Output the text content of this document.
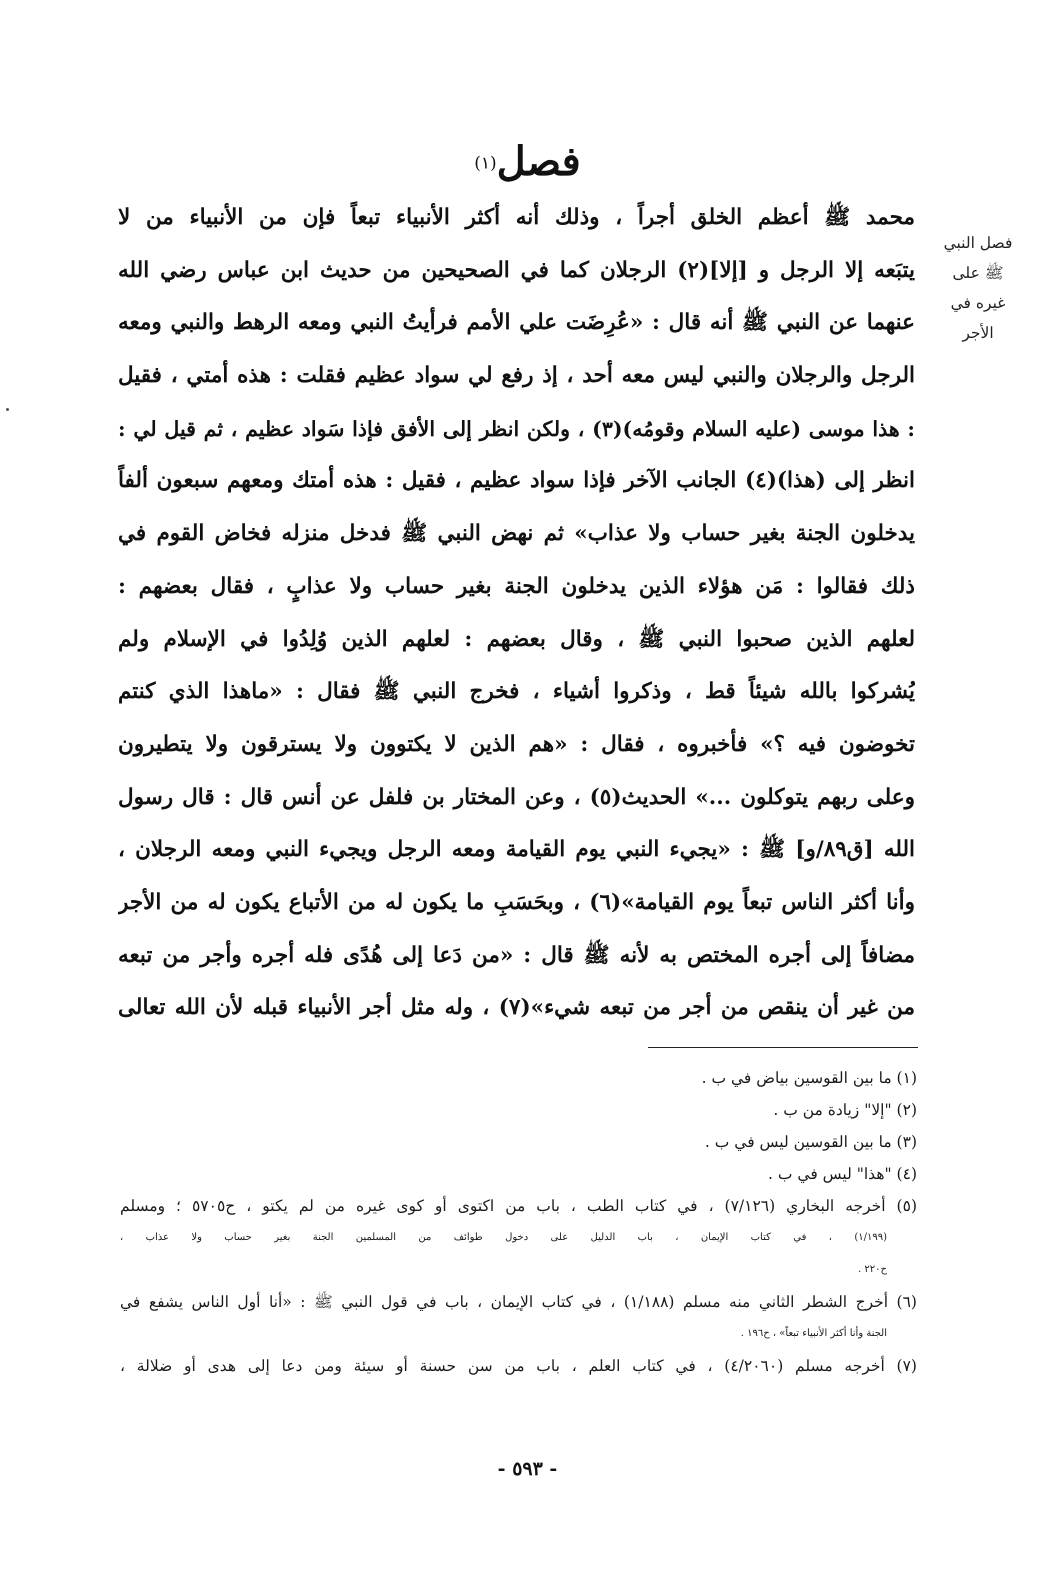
فصل(١)
فصل النبي
ﷺ على
غيره في
الأجر
محمد ﷺ أعظم الخلق أجراً ، وذلك أنه أكثر الأنبياء تبعاً فإن من الأنبياء من لا
يتبَعه إلا الرجل و [إلا](٢) الرجلان كما في الصحيحين من حديث ابن عباس رضي الله
عنهما عن النبي ﷺ أنه قال : «عُرِضَت علي الأمم فرأيتُ النبي ومعه الرهط والنبي ومعه
الرجل والرجلان والنبي ليس معه أحد ، إذ رفع لي سواد عظيم فقلت : هذه أمتي ، فقيل
: هذا موسى (عليه السلام وقومُه)(٣) ، ولكن انظر إلى الأفق فإذا سَواد عظيم ، ثم قيل لي :
انظر إلى (هذا)(٤) الجانب الآخر فإذا سواد عظيم ، فقيل : هذه أمتك ومعهم سبعون ألفاً
يدخلون الجنة بغير حساب ولا عذاب» ثم نهض النبي ﷺ فدخل منزله فخاض القوم في
ذلك فقالوا : مَن هؤلاء الذين يدخلون الجنة بغير حساب ولا عذابٍ ، فقال بعضهم :
لعلهم الذين صحبوا النبي ﷺ ، وقال بعضهم : لعلهم الذين وُلِدُوا في الإسلام ولم
يُشركوا بالله شيئاً قط ، وذكروا أشياء ، فخرج النبي ﷺ فقال : «ماهذا الذي كنتم
تخوضون فيه ؟» فأخبروه ، فقال : «هم الذين لا يكتوون ولا يسترقون ولا يتطيرون
وعلى ربهم يتوكلون ...» الحديث(٥) ، وعن المختار بن فلفل عن أنس قال : قال رسول
الله [ق٨٩/و] ﷺ : «يجيء النبي يوم القيامة ومعه الرجل ويجيء النبي ومعه الرجلان ،
وأنا أكثر الناس تبعاً يوم القيامة»(٦) ، وبحَسَبِ ما يكون له من الأتباع يكون له من الأجر
مضافاً إلى أجره المختص به لأنه ﷺ قال : «من دَعا إلى هُدًى فله أجره وأجر من تبعه
من غير أن ينقص من أجر من تبعه شيء»(٧) ، وله مثل أجر الأنبياء قبله لأن الله تعالى
(١) ما بين القوسين بياض في ب .
(٢) "إلا" زيادة من ب .
(٣) ما بين القوسين ليس في ب .
(٤) "هذا" ليس في ب .
(٥) أخرجه البخاري (٧/١٢٦) ، في كتاب الطب ، باب من اكتوى أو كوى غيره من لم يكتو ، ح٥٧٠٥ ؛ ومسلم
(١/١٩٩) ، في كتاب الإيمان ، باب الدليل على دخول طوائف من المسلمين الجنة بغير حساب ولا عذاب ،
ح٢٢٠ .
(٦) أخرج الشطر الثاني منه مسلم (١/١٨٨) ، في كتاب الإيمان ، باب في قول النبي ﷺ : «أنا أول الناس يشفع في
الجنة وأنا أكثر الأنبياء تبعاً» ، ح١٩٦ .
(٧) أخرجه مسلم (٤/٢٠٦٠) ، في كتاب العلم ، باب من سن حسنة أو سيئة ومن دعا إلى هدى أو ضلالة ،
- ٥٩٣ -
